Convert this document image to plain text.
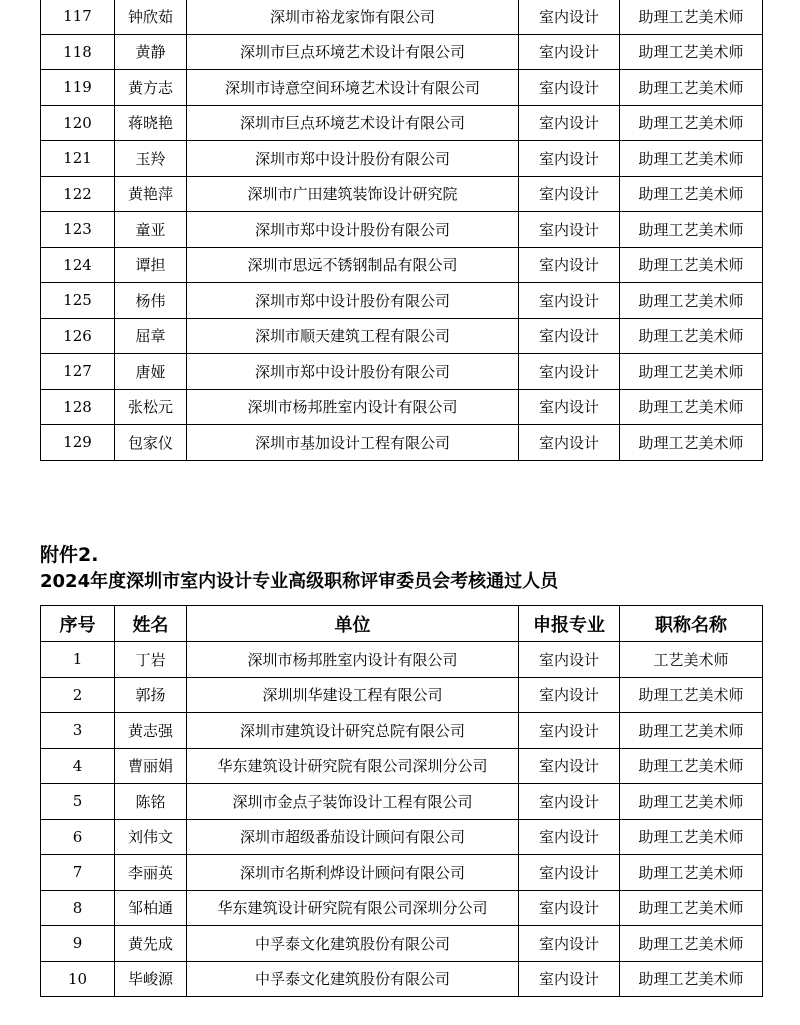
117	钟欣茹	深圳市裕龙家饰有限公司	室内设计	助理工艺美术师
118	黄静	深圳市巨点环境艺术设计有限公司	室内设计	助理工艺美术师
119	黄方志	深圳市诗意空间环境艺术设计有限公司	室内设计	助理工艺美术师
120	蒋晓艳	深圳市巨点环境艺术设计有限公司	室内设计	助理工艺美术师
121	玉羚	深圳市郑中设计股份有限公司	室内设计	助理工艺美术师
122	黄艳萍	深圳市广田建筑装饰设计研究院	室内设计	助理工艺美术师
123	童亚	深圳市郑中设计股份有限公司	室内设计	助理工艺美术师
124	谭担	深圳市思远不锈钢制品有限公司	室内设计	助理工艺美术师
125	杨伟	深圳市郑中设计股份有限公司	室内设计	助理工艺美术师
126	屈章	深圳市顺天建筑工程有限公司	室内设计	助理工艺美术师
127	唐娅	深圳市郑中设计股份有限公司	室内设计	助理工艺美术师
128	张松元	深圳市杨邦胜室内设计有限公司	室内设计	助理工艺美术师
129	包家仪	深圳市基加设计工程有限公司	室内设计	助理工艺美术师
附件2.
2024年度深圳市室内设计专业高级职称评审委员会考核通过人员
序号	姓名	单位	申报专业	职称名称
1	丁岩	深圳市杨邦胜室内设计有限公司	室内设计	工艺美术师
2	郭扬	深圳圳华建设工程有限公司	室内设计	助理工艺美术师
3	黄志强	深圳市建筑设计研究总院有限公司	室内设计	助理工艺美术师
4	曹丽娟	华东建筑设计研究院有限公司深圳分公司	室内设计	助理工艺美术师
5	陈铭	深圳市金点子装饰设计工程有限公司	室内设计	助理工艺美术师
6	刘伟文	深圳市超级番茄设计顾问有限公司	室内设计	助理工艺美术师
7	李丽英	深圳市名斯利烨设计顾问有限公司	室内设计	助理工艺美术师
8	邹柏通	华东建筑设计研究院有限公司深圳分公司	室内设计	助理工艺美术师
9	黄先成	中孚泰文化建筑股份有限公司	室内设计	助理工艺美术师
10	毕峻源	中孚泰文化建筑股份有限公司	室内设计	助理工艺美术师
